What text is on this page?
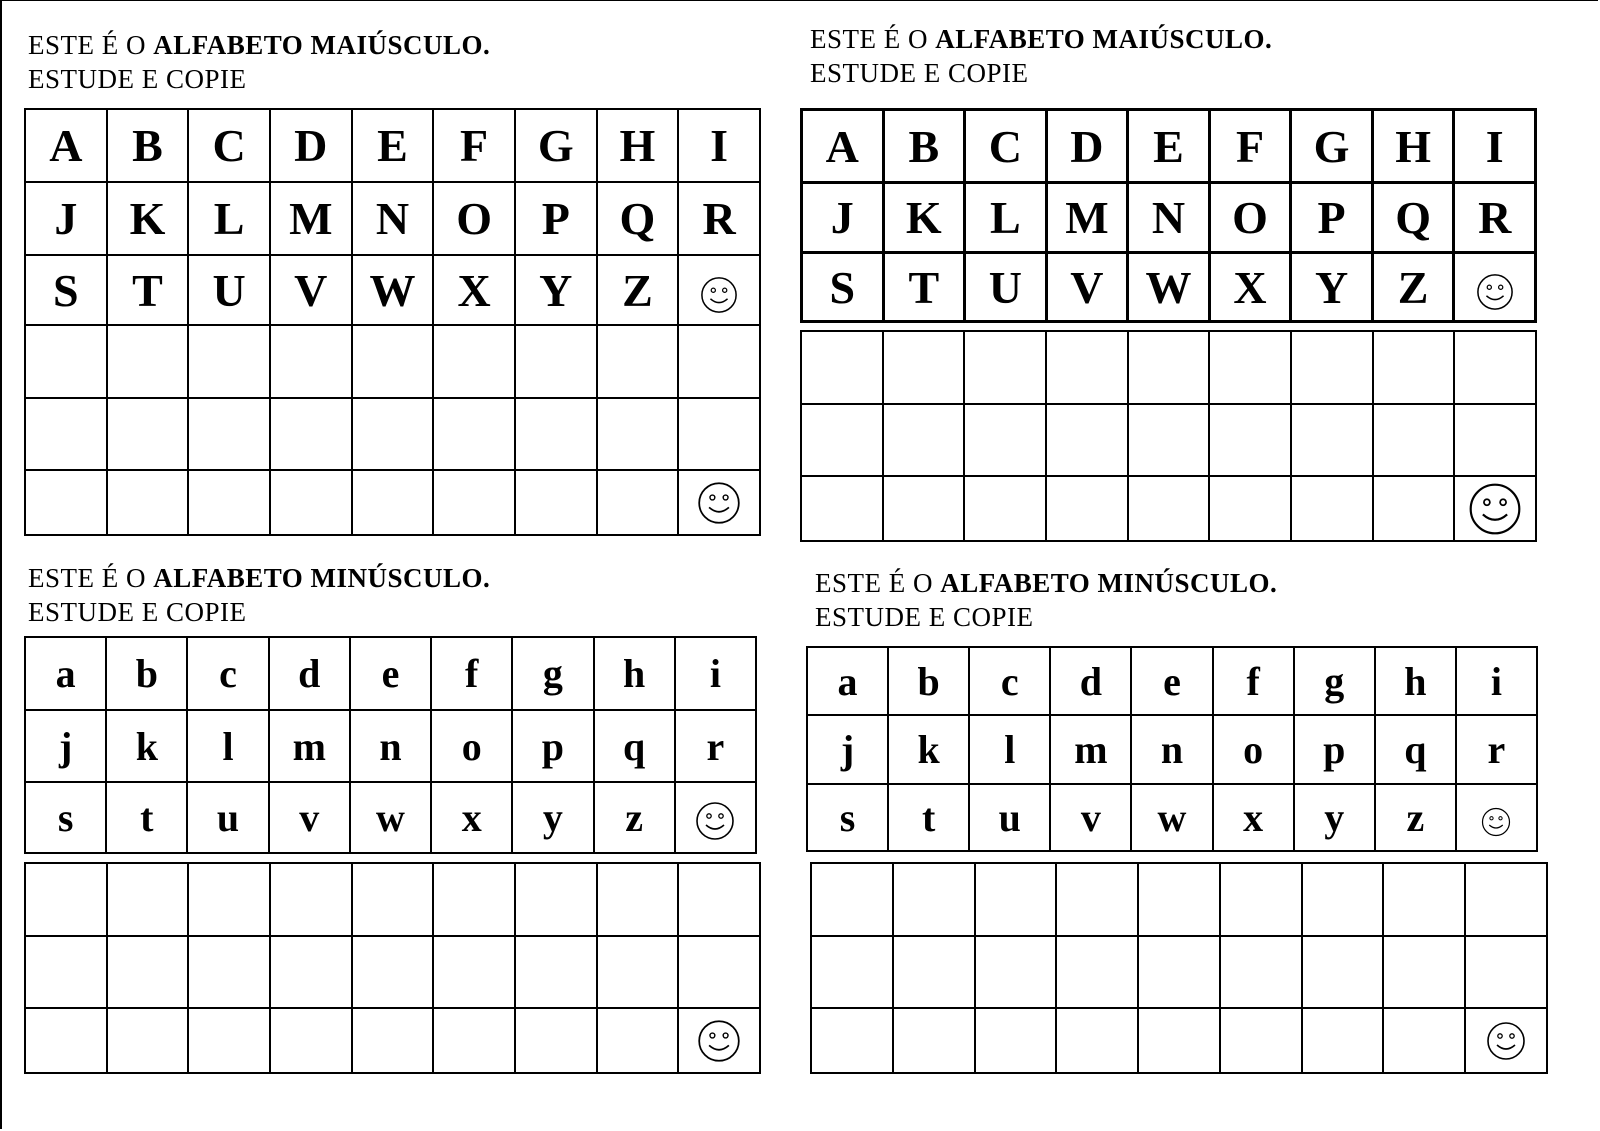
ESTE É O ALFABETO MAIÚSCULO.
ESTUDE E COPIE
A	B	C	D	E	F	G	H	I
J	K	L	M	N	O	P	Q	R
S	T	U	V	W	X	Y	Z	

ESTE É O ALFABETO MAIÚSCULO.
ESTUDE E COPIE
A	B	C	D	E	F	G	H	I
J	K	L	M	N	O	P	Q	R
S	T	U	V	W	X	Y	Z	

ESTE É O ALFABETO MINÚSCULO.
ESTUDE E COPIE
a	b	c	d	e	f	g	h	i
j	k	l	m	n	o	p	q	r
s	t	u	v	w	x	y	z	

ESTE É O ALFABETO MINÚSCULO.
ESTUDE E COPIE
a	b	c	d	e	f	g	h	i
j	k	l	m	n	o	p	q	r
s	t	u	v	w	x	y	z	
